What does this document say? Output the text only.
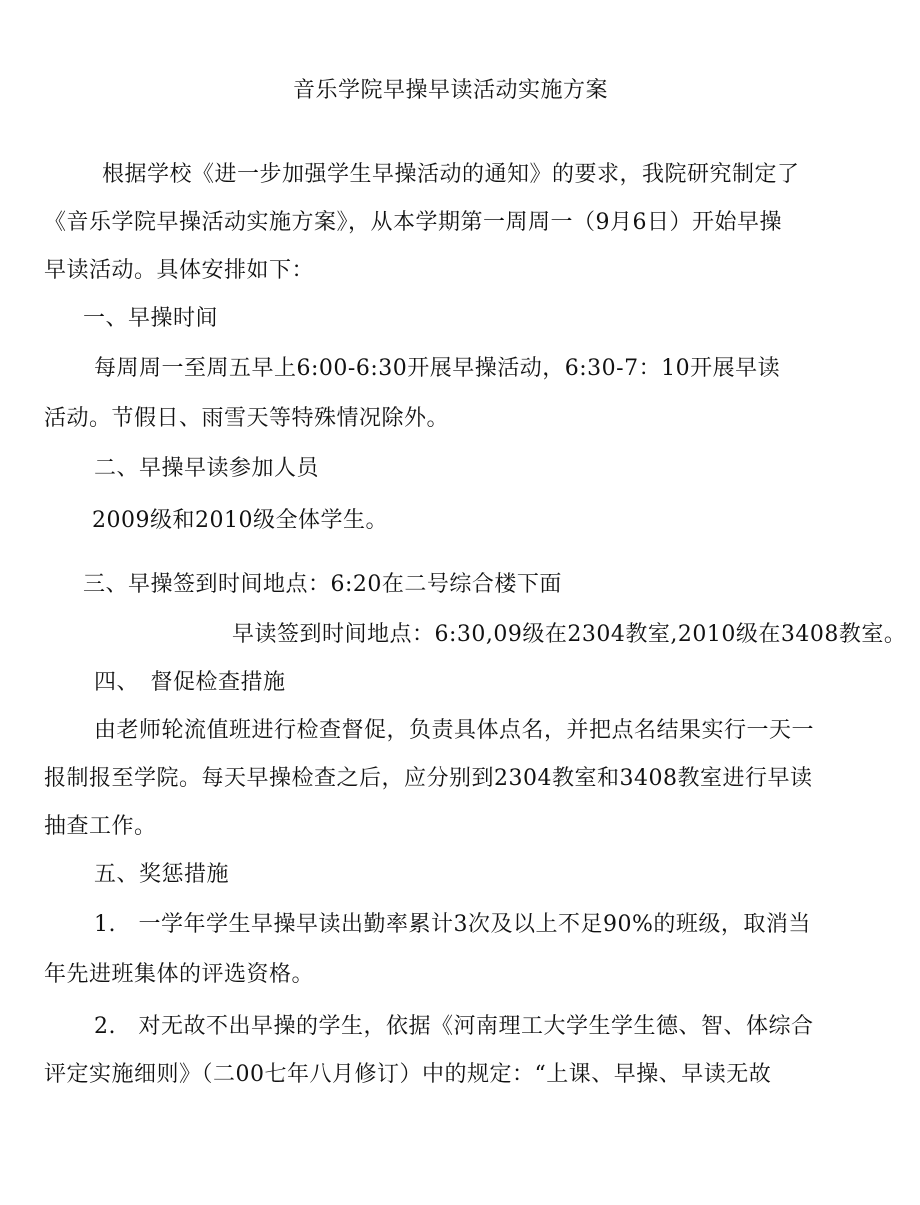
音乐学院早操早读活动实施方案
根据学校《进一步加强学生早操活动的通知》的要求，我院研究制定了
《音乐学院早操活动实施方案》，从本学期第一周周一（9月6日）开始早操
早读活动。具体安排如下：
一、早操时间
每周周一至周五早上6:00-6:30开展早操活动，6:30-7：10开展早读
活动。节假日、雨雪天等特殊情况除外。
二、早操早读参加人员
2009级和2010级全体学生。
三、早操签到时间地点：6:20在二号综合楼下面
早读签到时间地点：6:30,09级在2304教室,2010级在3408教室。
四、　督促检查措施
由老师轮流值班进行检查督促，负责具体点名，并把点名结果实行一天一
报制报至学院。每天早操检查之后，应分别到2304教室和3408教室进行早读
抽查工作。
五、奖惩措施
1.　一学年学生早操早读出勤率累计3次及以上不足90%的班级，取消当
年先进班集体的评选资格。
2.　对无故不出早操的学生，依据《河南理工大学生学生德、智、体综合
评定实施细则》（二00七年八月修订）中的规定：“上课、早操、早读无故
